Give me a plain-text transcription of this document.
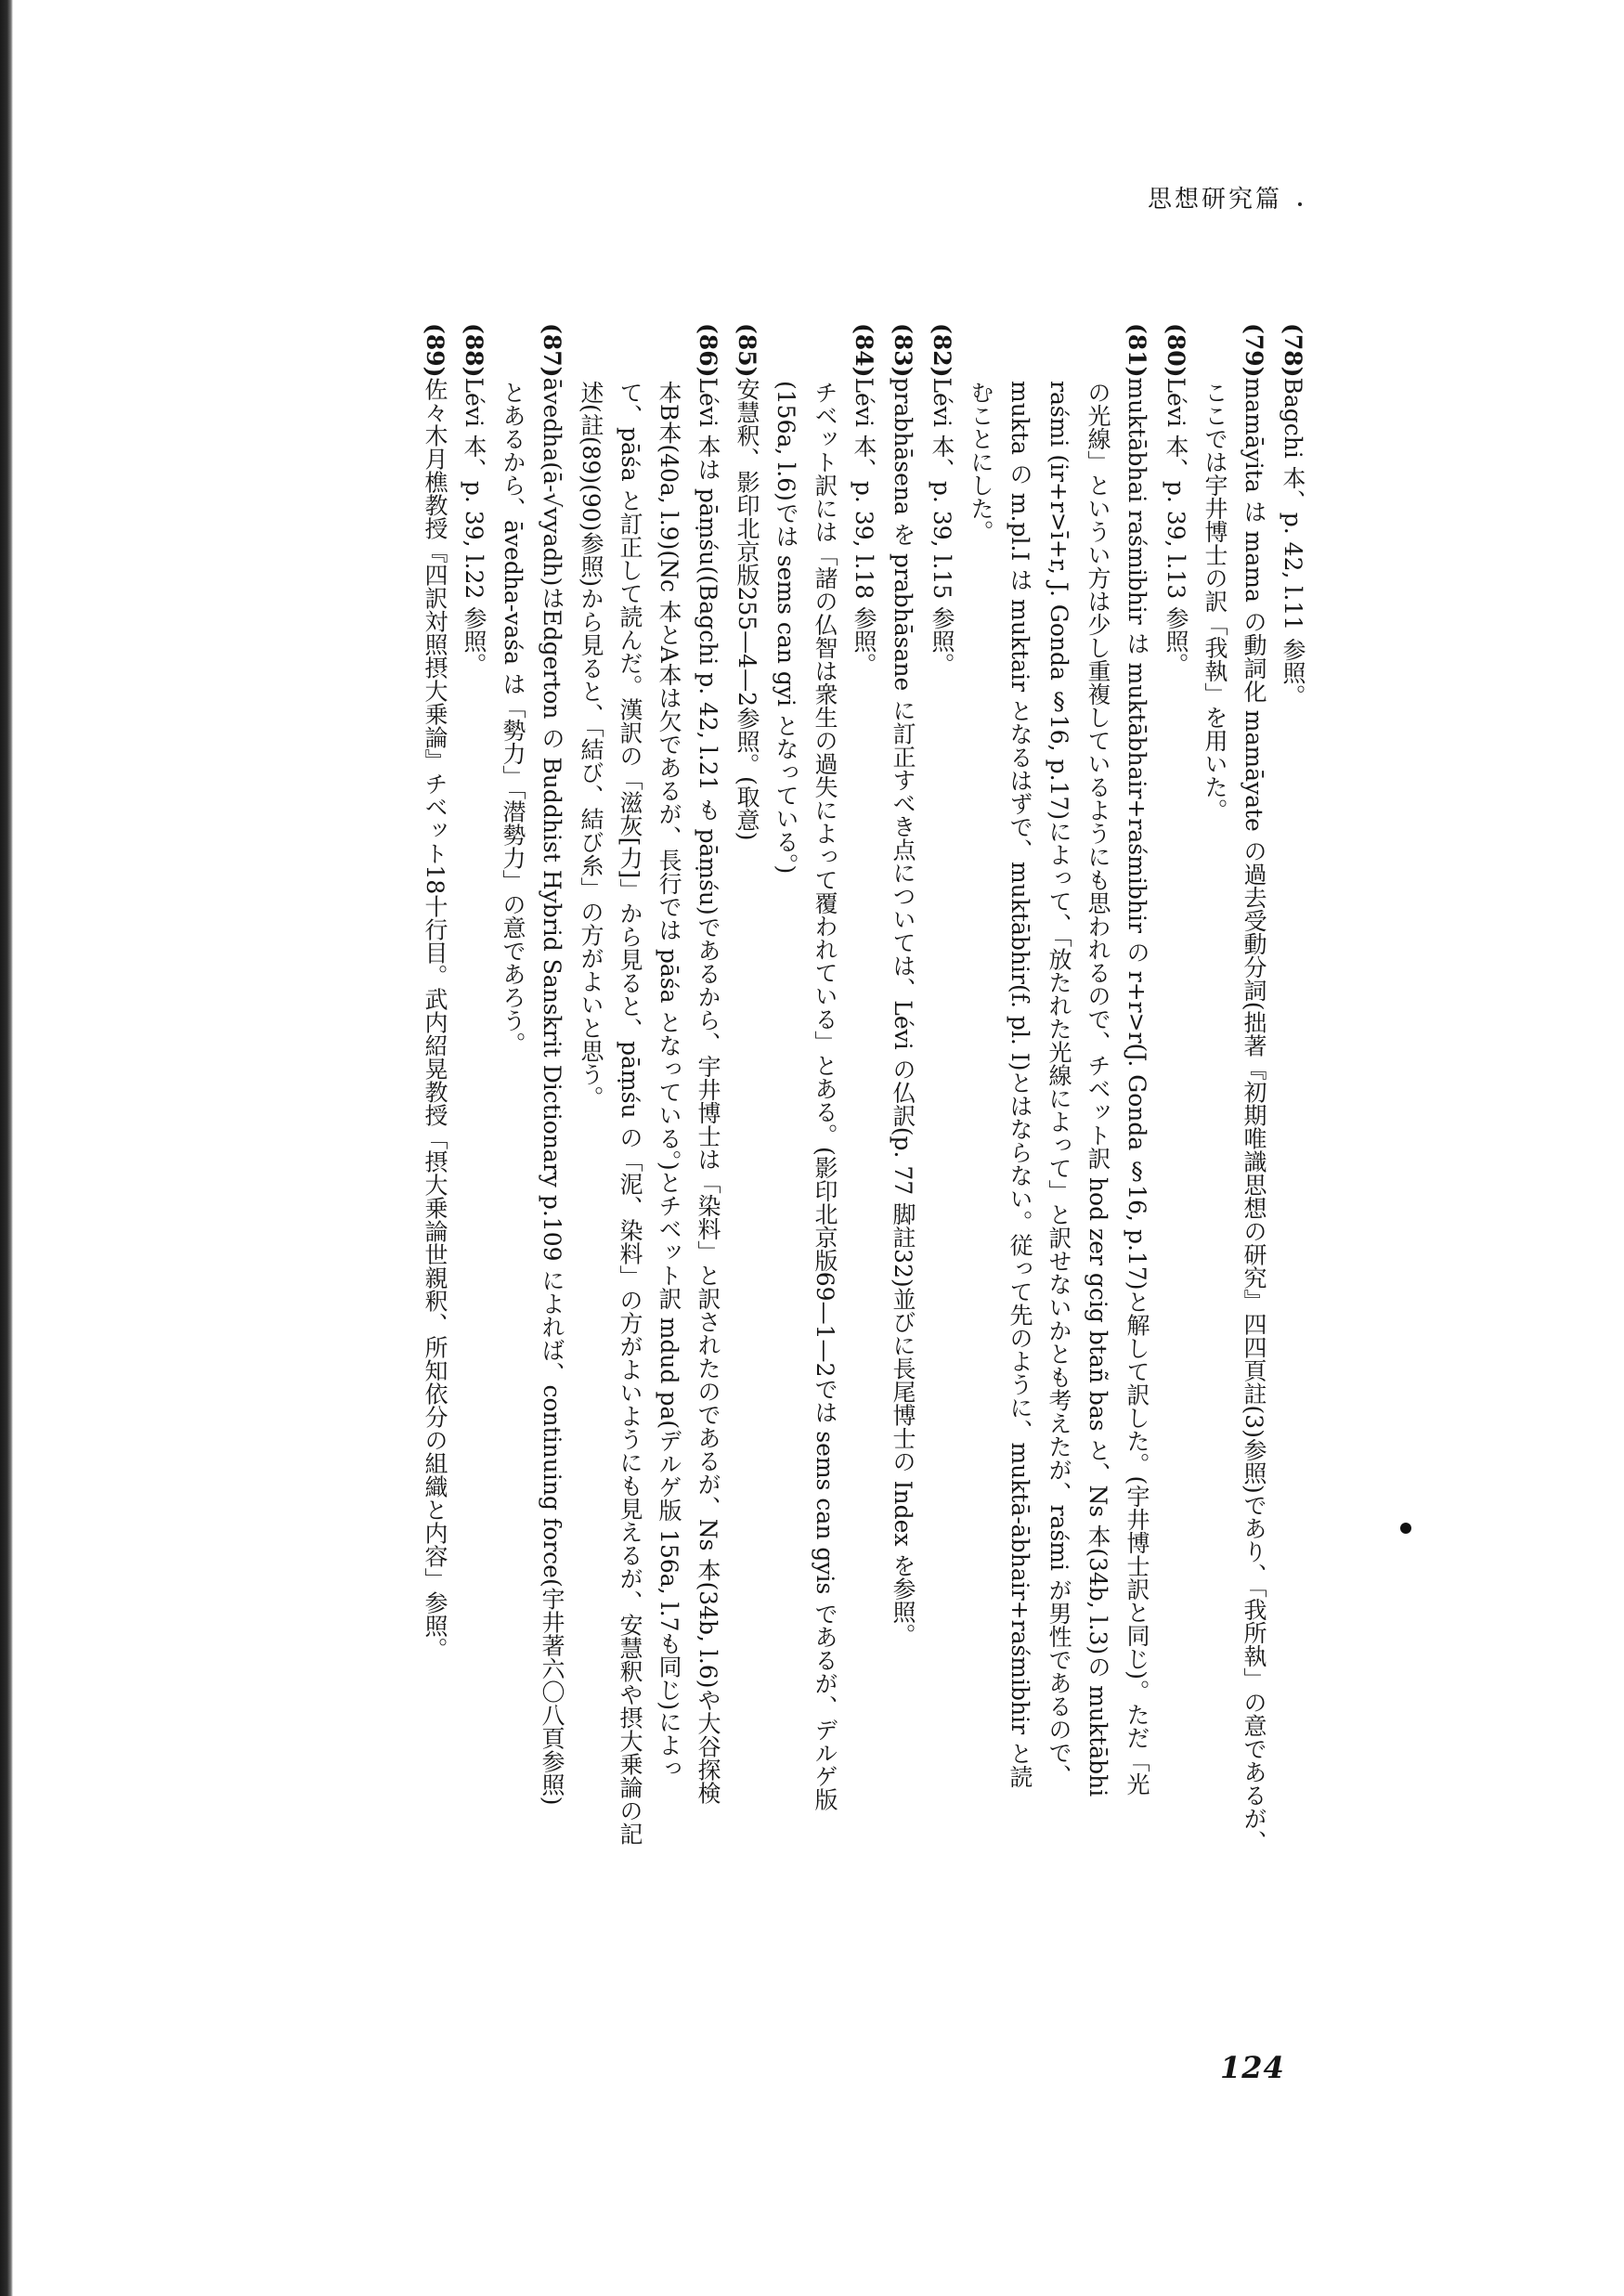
思想研究篇
(78)Bagchi 本、p. 42, l.11 参照。
(79)mamāyita は mama の動詞化 mamāyate の過去受動分詞(拙著『初期唯識思想の研究』四四頁註(3)参照)であり、「我所執」の意であるが、
ここでは宇井博士の訳「我執」を用いた。
(80)Lévi 本、p. 39, l.13 参照。
(81)muktābhai raśmibhir は muktābhair+raśmibhir の r+r>r(J. Gonda §16, p.17)と解して訳した。(宇井博士訳と同じ)。ただ「光
の光線」というい方は少し重複しているようにも思われるので、チベット訳 hod zer gcig btañ bas と、Ns 本(34b, l.3)の muktābhi
raśmi (ir+r>ī+r, J. Gonda §16, p.17)によって、「放たれた光線によって」と訳せないかとも考えたが、raśmi が男性であるので、
mukta の m.pl.I は muktair となるはずで、muktābhir(f. pl. I)とはならない。従って先のように、muktā-ābhair+raśmibhir と読
むことにした。
(82)Lévi 本、p. 39, l.15 参照。
(83)prabhāsena を prabhāsane に訂正すべき点については、Lévi の仏訳(p. 77 脚註32)並びに長尾博士の Index を参照。
(84)Lévi 本、p. 39, l.18 参照。
チベット訳には「諸の仏智は衆生の過失によって覆われている」とある。(影印北京版69—1—2では sems can gyis であるが、デルゲ版
(156a, l.6)では sems can gyi となっている。)
(85)安慧釈、影印北京版255—4—2参照。(取意)
(86)Lévi 本は pāṃśu((Bagchi p. 42, l.21 も pāṃśu)であるから、宇井博士は「染料」と訳されたのであるが、Ns 本(34b, l.6)や大谷探検
本B本(40a, l.9)(Nc 本とA本は欠であるが、長行では pāśa となっている。)とチベット訳 mdud pa(デルゲ版 156a, l.7も同じ)によっ
て、pāśa と訂正して読んだ。漢訳の「滋灰[力]」から見ると、pāṃśu の「泥、染料」の方がよいようにも見えるが、安慧釈や摂大乗論の記
述(註(89)(90)参照)から見ると、「結び、結び糸」の方がよいと思う。
(87)āvedha(ā-√vyadh)はEdgerton の Buddhist Hybrid Sanskrit Dictionary p.109 によれば、continuing force(宇井著六〇八頁参照)
とあるから、āvedha-vaśa は「勢力」「潜勢力」の意であろう。
(88)Lévi 本、p. 39, l.22 参照。
(89)佐々木月樵教授『四訳対照摂大乗論』チベット18十行目。武内紹晃教授「摂大乗論世親釈、所知依分の組織と内容」参照。
124
